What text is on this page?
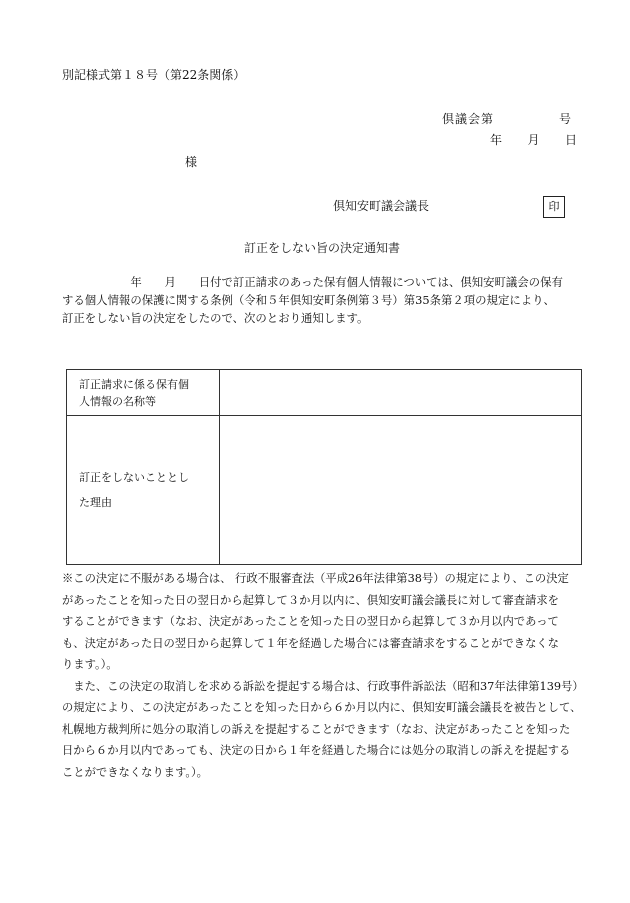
別記様式第１８号（第22条関係）
倶議会第　　　　　号
年　　月　　日
様
倶知安町議会議長	印
訂正をしない旨の決定通知書
　　　　　　年　　月　　日付で訂正請求のあった保有個人情報については、倶知安町議会の保有
する個人情報の保護に関する条例（令和５年倶知安町条例第３号）第35条第２項の規定により、
訂正をしない旨の決定をしたので、次のとおり通知します。
訂正請求に係る保有個
人情報の名称等	

訂正をしないこととし
た理由	

※この決定に不服がある場合は、 行政不服審査法（平成26年法律第38号）の規定により、この決定
があったことを知った日の翌日から起算して３か月以内に、倶知安町議会議長に対して審査請求を
することができます（なお、決定があったことを知った日の翌日から起算して３か月以内であって
も、決定があった日の翌日から起算して１年を経過した場合には審査請求をすることができなくな
ります。）。
　また、この決定の取消しを求める訴訟を提起する場合は、行政事件訴訟法（昭和37年法律第139号）
の規定により、この決定があったことを知った日から６か月以内に、倶知安町議会議長を被告として、
札幌地方裁判所に処分の取消しの訴えを提起することができます（なお、決定があったことを知った
日から６か月以内であっても、決定の日から１年を経過した場合には処分の取消しの訴えを提起する
ことができなくなります。）。
